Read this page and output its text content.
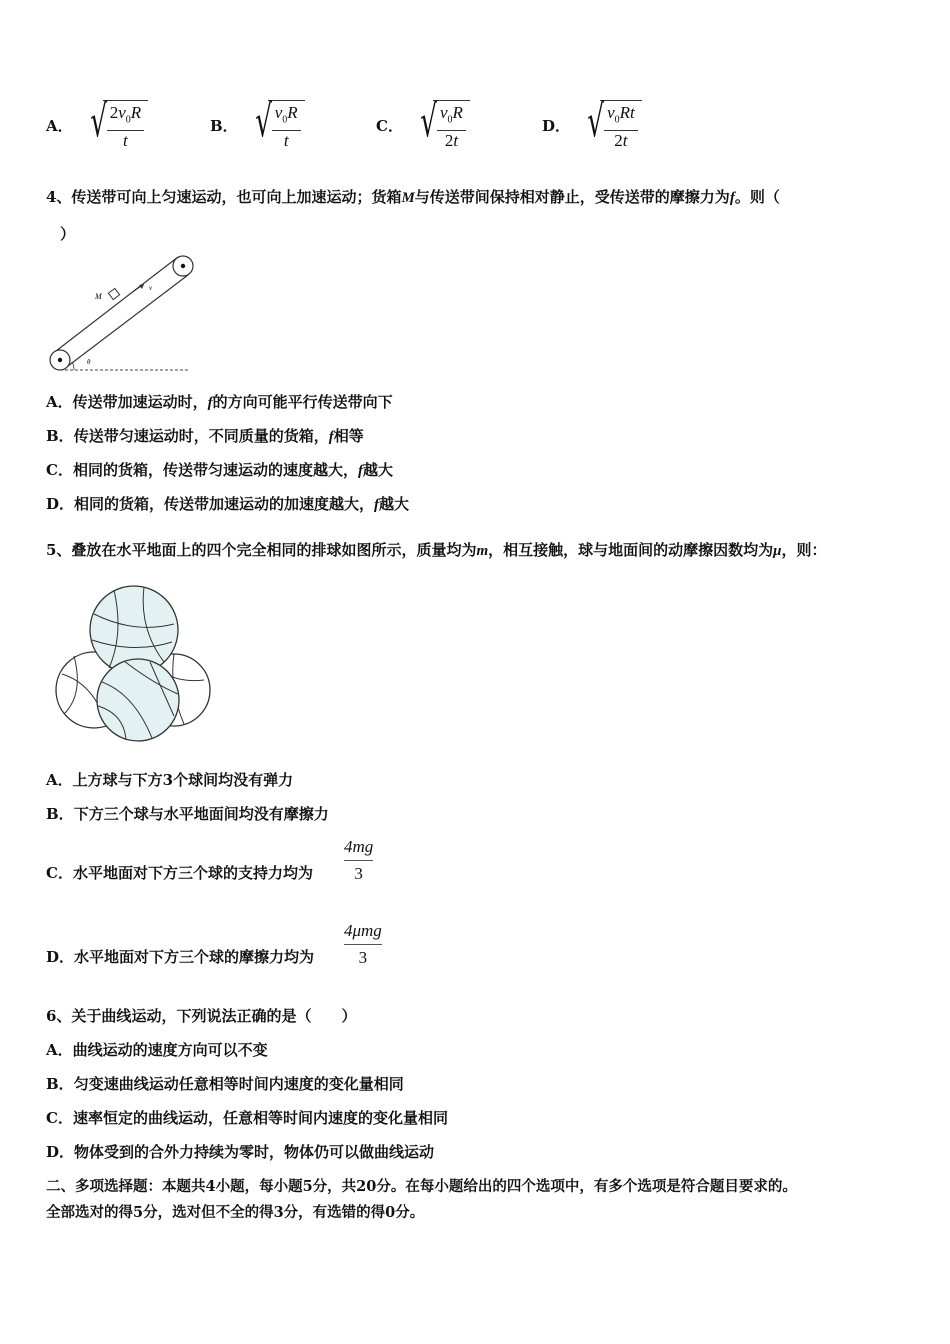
A． √ $\frac{2v_0R}{t}$	B． √ $\frac{v_0R}{t}$	C． √ $\frac{v_0R}{2t}$	D． √ $\frac{v_0Rt}{2t}$
4、传送带可向上匀速运动，也可向上加速运动；货箱M与传送带间保持相对静止，受传送带的摩擦力为f。则（
）
M
v
θ
A．传送带加速运动时，f的方向可能平行传送带向下
B．传送带匀速运动时，不同质量的货箱，f相等
C．相同的货箱，传送带匀速运动的速度越大，f越大
D．相同的货箱，传送带加速运动的加速度越大，f越大
5、叠放在水平地面上的四个完全相同的排球如图所示，质量均为m，相互接触，球与地面间的动摩擦因数均为μ，则：
A．上方球与下方3个球间均没有弹力
B．下方三个球与水平地面间均没有摩擦力
C．水平地面对下方三个球的支持力均为
4mg
3
D．水平地面对下方三个球的摩擦力均为
4μmg
3
6、关于曲线运动，下列说法正确的是（　　）
A．曲线运动的速度方向可以不变
B．匀变速曲线运动任意相等时间内速度的变化量相同
C．速率恒定的曲线运动，任意相等时间内速度的变化量相同
D．物体受到的合外力持续为零时，物体仍可以做曲线运动
二、多项选择题：本题共4小题，每小题5分，共20分。在每小题给出的四个选项中，有多个选项是符合题目要求的。
全部选对的得5分，选对但不全的得3分，有选错的得0分。
